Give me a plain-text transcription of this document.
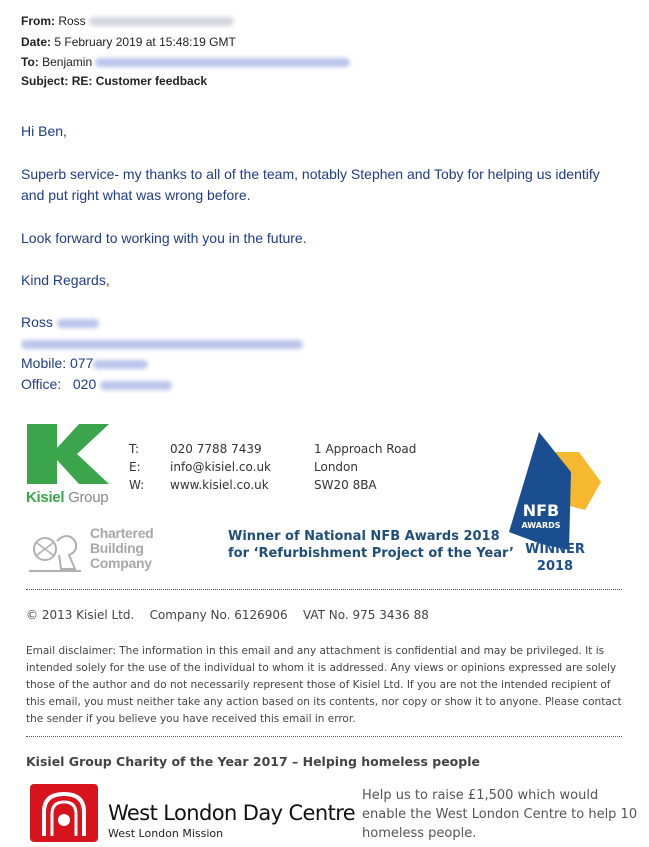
From: Ross
Date: 5 February 2019 at 15:48:19 GMT
To: Benjamin
Subject: RE: Customer feedback
Hi Ben,
Superb service- my thanks to all of the team, notably Stephen and Toby for helping us identify
and put right what was wrong before.
Look forward to working with you in the future.
Kind Regards,
Ross
Mobile: 077
Office: 020
Kisiel Group
T:
E:
W:
020 7788 7439
info@kisiel.co.uk
www.kisiel.co.uk
1 Approach Road
London
SW20 8BA
NFB
AWARDS
WINNER
2018
Chartered
Building
Company
Winner of National NFB Awards 2018
for ‘Refurbishment Project of the Year’
© 2013 Kisiel Ltd. Company No. 6126906 VAT No. 975 3436 88
Email disclaimer: The information in this email and any attachment is confidential and may be privileged. It is intended solely for the use of the individual to whom it is addressed. Any views or opinions expressed are solely those of the author and do not necessarily represent those of Kisiel Ltd. If you are not the intended recipient of this email, you must neither take any action based on its contents, nor copy or show it to anyone. Please contact the sender if you believe you have received this email in error.
Kisiel Group Charity of the Year 2017 – Helping homeless people
West London Day Centre
West London Mission
Help us to raise £1,500 which would enable the West London Centre to help 10 homeless people.
